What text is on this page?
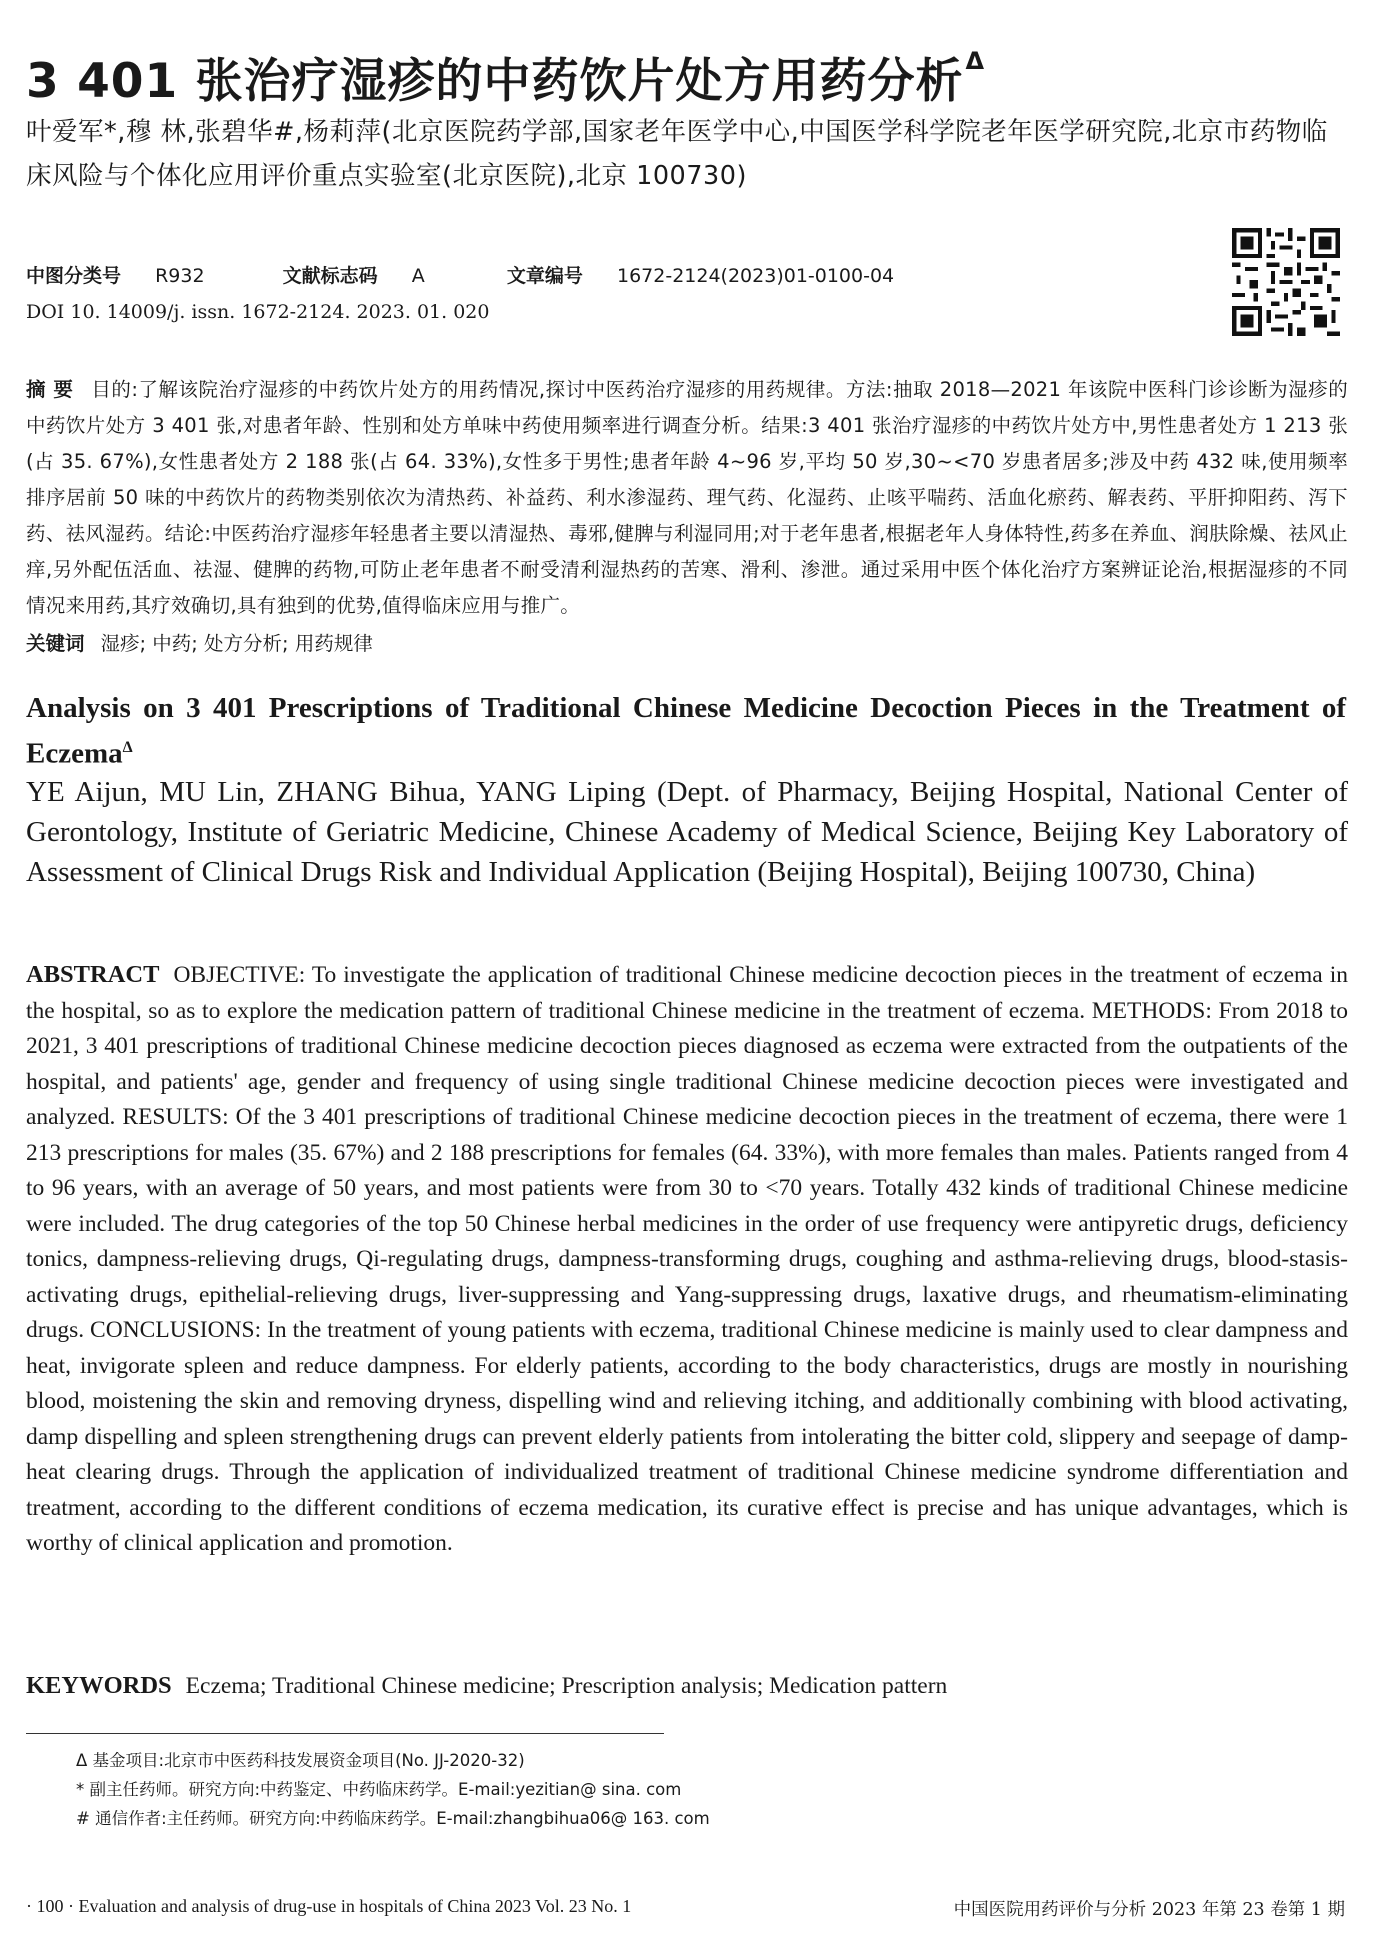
3 401 张治疗湿疹的中药饮片处方用药分析$^\Delta$
叶爱军*,穆 林,张碧华#,杨莉萍(北京医院药学部,国家老年医学中心,中国医学科学院老年医学研究院,北京市药物临床风险与个体化应用评价重点实验室(北京医院),北京 100730)
中图分类号 R932	文献标志码 A	文章编号 1672-2124(2023)01-0100-04
DOI 10. 14009/j. issn. 1672-2124. 2023. 01. 020
摘 要 目的:了解该院治疗湿疹的中药饮片处方的用药情况,探讨中医药治疗湿疹的用药规律。方法:抽取 2018—2021 年该院中医科门诊诊断为湿疹的中药饮片处方 3 401 张,对患者年龄、性别和处方单味中药使用频率进行调查分析。结果:3 401 张治疗湿疹的中药饮片处方中,男性患者处方 1 213 张(占 35. 67%),女性患者处方 2 188 张(占 64. 33%),女性多于男性;患者年龄 4~96 岁,平均 50 岁,30~<70 岁患者居多;涉及中药 432 味,使用频率排序居前 50 味的中药饮片的药物类别依次为清热药、补益药、利水渗湿药、理气药、化湿药、止咳平喘药、活血化瘀药、解表药、平肝抑阳药、泻下药、祛风湿药。结论:中医药治疗湿疹年轻患者主要以清湿热、毒邪,健脾与利湿同用;对于老年患者,根据老年人身体特性,药多在养血、润肤除燥、祛风止痒,另外配伍活血、祛湿、健脾的药物,可防止老年患者不耐受清利湿热药的苦寒、滑利、渗泄。通过采用中医个体化治疗方案辨证论治,根据湿疹的不同情况来用药,其疗效确切,具有独到的优势,值得临床应用与推广。
关键词 湿疹; 中药; 处方分析; 用药规律
Analysis on 3 401 Prescriptions of Traditional Chinese Medicine Decoction Pieces in the Treatment of Eczema$^\Delta$
YE Aijun, MU Lin, ZHANG Bihua, YANG Liping (Dept. of Pharmacy, Beijing Hospital, National Center of Gerontology, Institute of Geriatric Medicine, Chinese Academy of Medical Science, Beijing Key Laboratory of Assessment of Clinical Drugs Risk and Individual Application (Beijing Hospital), Beijing 100730, China)
ABSTRACT OBJECTIVE: To investigate the application of traditional Chinese medicine decoction pieces in the treatment of eczema in the hospital, so as to explore the medication pattern of traditional Chinese medicine in the treatment of eczema. METHODS: From 2018 to 2021, 3 401 prescriptions of traditional Chinese medicine decoction pieces diagnosed as eczema were extracted from the outpatients of the hospital, and patients' age, gender and frequency of using single traditional Chinese medicine decoction pieces were investigated and analyzed. RESULTS: Of the 3 401 prescriptions of traditional Chinese medicine decoction pieces in the treatment of eczema, there were 1 213 prescriptions for males (35. 67%) and 2 188 prescriptions for females (64. 33%), with more females than males. Patients ranged from 4 to 96 years, with an average of 50 years, and most patients were from 30 to <70 years. Totally 432 kinds of traditional Chinese medicine were included. The drug categories of the top 50 Chinese herbal medicines in the order of use frequency were antipyretic drugs, deficiency tonics, dampness-relieving drugs, Qi-regulating drugs, dampness-transforming drugs, coughing and asthma-relieving drugs, blood-stasis-activating drugs, epithelial-relieving drugs, liver-suppressing and Yang-suppressing drugs, laxative drugs, and rheumatism-eliminating drugs. CONCLUSIONS: In the treatment of young patients with eczema, traditional Chinese medicine is mainly used to clear dampness and heat, invigorate spleen and reduce dampness. For elderly patients, according to the body characteristics, drugs are mostly in nourishing blood, moistening the skin and removing dryness, dispelling wind and relieving itching, and additionally combining with blood activating, damp dispelling and spleen strengthening drugs can prevent elderly patients from intolerating the bitter cold, slippery and seepage of damp-heat clearing drugs. Through the application of individualized treatment of traditional Chinese medicine syndrome differentiation and treatment, according to the different conditions of eczema medication, its curative effect is precise and has unique advantages, which is worthy of clinical application and promotion.
KEYWORDS Eczema; Traditional Chinese medicine; Prescription analysis; Medication pattern
Δ 基金项目:北京市中医药科技发展资金项目(No. JJ-2020-32)
* 副主任药师。研究方向:中药鉴定、中药临床药学。E-mail:yezitian@ sina. com
# 通信作者:主任药师。研究方向:中药临床药学。E-mail:zhangbihua06@ 163. com
· 100 · Evaluation and analysis of drug-use in hospitals of China 2023 Vol. 23 No. 1	中国医院用药评价与分析 2023 年第 23 卷第 1 期
